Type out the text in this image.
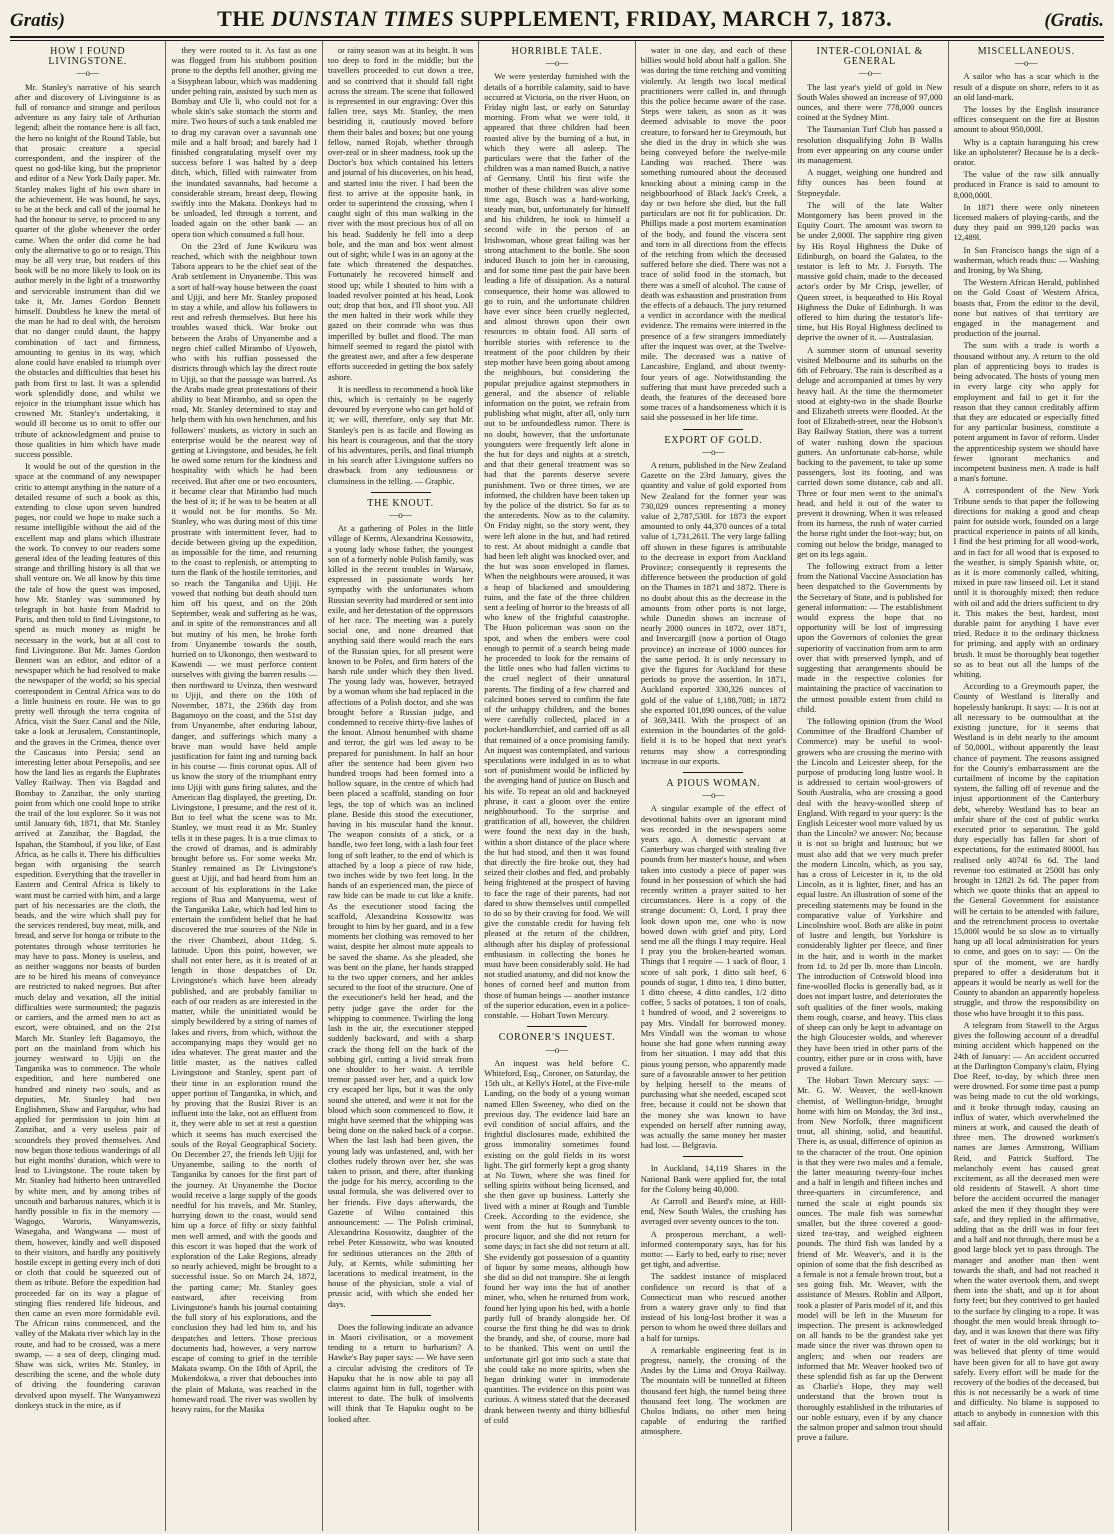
Gratis)	THE DUNSTAN TIMES SUPPLEMENT, FRIDAY, MARCH 7, 1873.	(Gratis.
HOW I FOUND LIVINGSTONE.
—o—

Mr. Stanley's narrative of his search after and discovery of Livingstone is as full of romance and strange and perilous adventure as any fairy tale of Arthurian legend; albeit the romance here is all fact, the hero no knight of the Round Table, but that prosaic creature a special correspondent, and the inspirer of the quest no god-like king, but the proprietor and editor of a New York Daily paper. Mr. Stanley makes light of his own share in the achievement. He was bound, he says, to be at the beck and call of the journal he had the honour to serve, to proceed to any quarter of the globe whenever the order came. When the order did come he had only the alternative to go or to resign. This may be all very true, but readers of this book will be no more likely to look on its author merely in the light of a trustworthy and serviceable instrument than did we take it, Mr. James Gordon Bennett himself. Doubtless he knew the metal of the man he had to deal with, the heroism that no danger could daunt, the happy combination of tact and firmness, amounting to genius in its way, which alone could have enabled to triumph over the obstacles and difficulties that beset his path from first to last. It was a splendid work splendidly done, and whilst we rejoice in the triumphant issue which has crowned Mr. Stanley's undertaking, it would ill become us to omit to offer our tribute of acknowledgment and praise to those qualities in him which have made success possible.

It would be out of the question in the space at the command of any newspaper critic to attempt anything in the nature of a detailed resume of such a book as this, extending to close upon seven hundred pages, nor could we hope to make such a resume intelligible without the aid of the excellent map and plans which illustrate the work. To convey to our readers some general idea of the leading features of this strange and thrilling history is all that we shall venture on. We all know by this time the tale of how the quest was imposed, how Mr. Stanley was summoned by telegraph in hot haste from Madrid to Paris, and then told to find Livingstone, to spend as much money as might be necessary in the work, but at all cost to find Livingstone. But Mr. James Gordon Bennett was an editor, and editor of a newspaper which he had resolved to make the newspaper of the world; so his special correspondent in Central Africa was to do a little business en route. He was to go pretty well through the terra cognita of Africa, visit the Suez Canal and the Nile, take a look at Jerusalem, Constantinople, and the graves in the Crimea, thence over the Caucasus into Persia; send an interesting letter about Persepolis, and see how the land lies as regards the Euphrates Valley Railway. Then via Bagdad and Bombay to Zanzibar, the only starting point from which one could hope to strike the trail of the lost explorer. So it was not until January 6th, 1871, that Mr. Stanley arrived at Zanzibar, the Bagdad, the Ispahan, the Stamboul, if you like, of East Africa, as he calls it. There his difficulties began with organising the search expedition. Everything that the traveller in Eastern and Central Africa is likely to want must be carried with him, and a large part of his necessaries are the cloth, the beads, and the wire which shall pay for the services rendered, buy meat, milk, and bread, and serve for honga or tribute to the potentates through whose territories he may have to pass. Money is useless, and as neither waggons nor beasts of burden are to be hired his means of conveyance are restricted to naked negroes. But after much delay and vexation, all the initial difficulties were surmounted; the pagazis or carriers, and the armed men to act as escort, were obtained, and on the 21st March Mr. Stanley left Bagamoyo, the port on the mainland from which his journey westward to Ujiji on the Tanganika was to commence. The whole expedition, and here numbered one hundred and ninety two souls, and as deputies, Mr. Stanley had two Englishmen, Shaw and Farquhar, who had applied for permission to join him at Zanzibar, and a very useless pair of scoundrels they proved themselves. And now began those tedious wanderings of all but eight months' duration, which were to lead to Livingstone. The route taken by Mr. Stanley had hitherto been untravelled by white men, and by among tribes of uncouth and barbarous natures, which it is hardly possible to fix in the memory — Wagogo, Waroris, Wanyamwezis, Wasegaha, and Wangwana — most of them, however, kindly and well disposed to their visitors, and hardly any positively hostile except in getting every inch of doti or cloth that could be squeezed out of them as tribute. Before the expedition had proceeded far on its way a plague of stinging flies rendered life hideous, and then came an even more formidable evil. The African rains commenced, and the valley of the Makata river which lay in the route, and had to be crossed, was a mere swamp, — a sea of deep, clinging mud. Shaw was sick, writes Mr. Stanley, in describing the scene, and the whole duty of driving the foundering caravan devolved upon myself. The Wanyamwezi donkeys stuck in the mire, as if

they were rooted to it. As fast as one was flogged from his stubborn position prone to the depths fell another, giving me a Sisyphean labour, which was maddening under pelting rain, assisted by such men as Bombay and Ule li, who could not for a whole skin's sake stomach the storm and mire. Two hours of such a task enabled me to drag my caravan over a savannah one mile and a half broad; and barely had I finished congratulating myself over my success before I was halted by a deep ditch, which, filled with rainwater from the inundated savannahs, had become a considerable stream, breast deep, flowing swiftly into the Makata. Donkeys had to be unloaded, led through a torrent, and loaded again on the other bank — an opera tion which consumed a full hour.

On the 23rd of June Kwikuru was reached, which with the neighbour town Tabora appears to be the chief seat of the Arab settlement in Unyanembe. This was a sort of half-way house between the coast and Ujiji, and here Mr. Stanley proposed to stay a while, and allow his followers to rest and refresh themselves. But here his troubles waxed thick. War broke out between the Arabs of Unyanembe and a negro chief called Mirambo of Uyoweh, who with his ruffian possessed the districts through which lay the direct route to Ujiji, so that the passage was barred. As the Arabs made great protestations of their ability to beat Mirambo, and so open the road, Mr. Stanley determined to stay and help them with his own henchmen, and his followers' muskets, as victory in such an enterprise would be the nearest way of getting at Livingstone, and besides, he felt he owed some return for the kindness and hospitality with which he had been received. But after one or two encounters, it became clear that Mirambo had much the best of it; if he was to be beaten at all it would not be for months. So Mr. Stanley, who was during most of this time prostrate with intermittent fever, had to decide between giving up the expedition, as impossible for the time, and returning to the coast to replenish, or attempting to turn the flank of the hostile territories, and so reach the Tanganika and Ujiji. He vowed that nothing but death should turn him off his quest, and on the 20th September, weak and suffering as he was, and in spite of the remonstrances and all but mutiny of his men, he broke forth from Unyanembe towards the south, hurried on to Ukonongo, then westward to Kawendi — we must perforce content ourselves with giving the barren results — then northward to Uvinza, then westward to Ujiji, and there on the 10th of November, 1871, the 236th day from Bagamoyo on the coast, and the 51st day from Unyanembe, after enduring labour, danger, and sufferings which many a brave man would have held ample justification for faint ing and turning back in his course — finis coronat opus. All of us know the story of the triumphant entry into Ujiji with guns firing salutes, and the American flag displayed, the greeting, Dr. Livingstone, I presume, and the rest of it. But to feel what the scene was to Mr. Stanley, we must read it as Mr. Stanley tells it in these pages. It is a true climax to the crowd of dramas, and is admirably brought before us. For some weeks Mr. Stanley remained as Dr Livingstone's guest at Ujiji, and had heard from him an account of his explorations in the Lake regions of Rua and Manyuema, west of the Tanganika Lake, which had led him to entertain the confident belief that he had discovered the true sources of the Nile in the river Chambezi, about 11deg. S. latitude. Upon this point, however, we shall not enter here, as it is treated of at length in those despatches of Dr. Livingstone's which have been already published, and are probably familiar to each of our readers as are interested in the matter, while the uninitiated would be simply bewildered by a string of names of lakes and rivers, from which, without the accompanying maps they would get no idea whatever. The great master and the little master, as the natives called Livingstone and Stanley, spent part of their time in an exploration round the upper portion of Tanganika, in which, and by proving that the Rusizi River is an influent into the lake, not an effluent from it, they were able to set at rest a question which it seems has much exercised the souls of the Royal Geographical Society. On December 27, the friends left Ujiji for Unyanembe, sailing to the north of Tanganika by canoes for the first part of the journey. At Unyanembe the Doctor would receive a large supply of the goods needful for his travels, and Mr. Stanley, hurrying down to the coast, would send him up a force of fifty or sixty faithful men well armed, and with the goods and this escort it was hoped that the work of exploration of the Lake Regions, already so nearly achieved, might be brought to a successful issue. So on March 24, 1872, the parting came; Mr. Stanley goes eastward, after receiving from Livingstone's hands his journal containing the full story of his explorations, and the conclusion they had led him to, and his despatches and letters. Those precious documents had, however, a very narrow escape of coming to grief in the terrible Makata swamp. On the 18th of April, the Mukendokwa, a river that debouches into the plain of Makata, was reached in the homeward road. The river was swollen by heavy rains, for the Masika

or rainy season was at its height. It was too deep to ford in the middle; but the travellers proceeded to cut down a tree, and so contrived that it should fall right across the stream. The scene that followed is represented in our engraving: Over this fallen tree, says Mr. Stanley, the men bestriding it, cautiously moved before them their bales and boxes; but one young fellow, named Rojab, whether through over-zeal or in sheer madness, took up the Doctor's box which contained his letters and journal of his discoveries, on his head, and started into the river. I had been the first to arrive at the opposite bank, in order to superintend the crossing, when I caught sight of this man walking in the river with the most precious box of all on his head. Suddenly he fell into a deep hole, and the man and box went almost out of sight; while I was in an agony at the fate which threatened the despatches. Fortunately he recovered himself and stood up; while I shouted to him with a loaded revolver pointed at his head, Look out; drop that box, and I'll shoot you. All the men halted in their work while they gazed on their comrade who was thus imperilled by bullet and flood. The man himself seemed to regard the pistol with the greatest awe, and after a few desperate efforts succeeded in getting the box safely ashore.

It is needless to recommend a book like this, which is certainly to be eagerly devoured by everyone who can get hold of it; we will, therefore, only say that Mr. Stanley's pen is as facile and flowing as his heart is courageous, and that the story of his adventures, perils, and final triumph in his search after Livingstone suffers no drawback from any tediousness or clumsiness in the telling. — Graphic.

THE KNOUT.
—o—

At a gathering of Poles in the little village of Kernts, Alexandrina Kossowitz, a young lady whose father, the youngest son of a formerly noble Polish family, was killed in the recent troubles in Warsaw, expressed in passionate words her sympathy with the unfortunates whom Russian severity had murdered or sent into exile, and her detestation of the oppressors of her race. The meeting was a purely social one, and none dreamed that anything said there would reach the ears of the Russian spies, for all present were known to be Poles, and firm haters of the harsh rule under which they then lived. The young lady was, however, betrayed by a woman whom she had replaced in the affections of a Polish doctor, and she was brought before a Russian judge, and condemned to receive thirty-five lashes of the knout. Almost benumbed with shame and terror, the girl was led away to be prepared for punishment. In half an hour after the sentence had been given two hundred troops had been formed into a hollow square, in the centre of which had been placed a scaffold, standing on four legs, the top of which was an inclined plane. Beside this stood the executioner, having in his muscular hand the knout. The weapon consists of a stick, or a handle, two feet long, with a lash four feet long of soft leather, to the end of which is attached by a loop a piece of raw hide, two inches wide by two feet long. In the hands of an experienced man, the piece of raw hide can be made to cut like a knife. As the executioner stood facing the scaffold, Alexandrina Kossowitz was brought to him by her guard, and in a few moments her clothing was removed to her waist, despite her almost mute appeals to be saved the shame. As she pleaded, she was bent on the plane, her hands strapped to the two upper corners, and her ankles secured to the foot of the structure. One of the executioner's held her head, and the petty judge gave the order for the whipping to commence. Twirling the long lash in the air, the executioner stepped suddenly backward, and with a sharp crack the thong fell on the back of the sobbing girl, cutting a livid streak from one shoulder to her waist. A terrible tremor passed over her, and a quick low cry escaped her lips, but it was the only sound she uttered, and were it not for the blood which soon commenced to flow, it might have seemed that the whipping was being done on the naked back of a corpse. When the last lash had been given, the young lady was unfastened, and, with her clothes rudely thrown over her, she was taken to prison, and there, after thanking the judge for his mercy, according to the usual formula, she was delivered over to her friends. Five days afterwards, the Gazette of Wilno contained this announcement: — The Polish criminal, Alexandrina Kossowitz, daughter of the rebel Peter Kossowitz, who was knouted for seditious utterances on the 28th of July, at Kernts, while submitting her lacerations to medical treatment, in the house of the physician, stole a vial of prussic acid, with which she ended her days.

Does the following indicate an advance in Maori civilisation, or a movement tending to a return to barbarism? A Hawke's Bay paper says: — We have seen a circular advising the creditors of Te Hapuku that he is now able to pay all claims against him in full, together with interest to date. The bulk of insolvents will think that Te Hapuku ought to be looked after.

HORRIBLE TALE.
—o—

We were yesterday furnished with the details of a horrible calamity, said to have occurred at Victoria, on the river Huon, on Friday night last, or early on Saturday morning. From what we were told, it appeared that three children had been roasted alive by the burning of a hut, in which they were all asleep. The particulars were that the father of the children was a man named Busch, a native of Germany. Until his first wife the mother of these children was alive some time ago, Busch was a hard-working, steady man, but, unfortunately for himself and his children, he took to himself a second wife in the person of an Irishwoman, whose great failing was her strong attachment to the bottle. She soon induced Busch to join her in carousing, and for some time past the pair have been leading a life of dissipation. As a natural consequence, their home was allowed to go to ruin, and the unfortunate children have ever since been cruelly neglected, and almost thrown upon their own resources to obtain food. All sorts of horrible stories with reference to the treatment of the poor children by their step mother have been going about among the neighbours, but considering the popular prejudice against stepmothers in general, and the absence of reliable information on the point, we refrain from publishing what might, after all, only turn out to be unfoundedless rumor. There is no doubt, however, that the unfortunate youngsters were frequently left alone in the hut for days and nights at a stretch, and that their general treatment was so bad that the parents deserve severe punishment. Two or three times, we are informed, the children have been taken up by the police of the district. So far as to the antecedents. Now as to the calamity. On Friday night, so the story went, they were left alone in the hut, and had retired to rest. At about midnight a candle that had been left alight was knocked over, and the hut was soon enveloped in flames. When the neighbours were aroused, it was a heap of blackened and smouldering ruins, and the fate of the three children sent a feeling of horror to the breasts of all who knew of the frightful catastrophe. The Huon policeman was soon on the spot, and when the embers were cool enough to permit of a search being made he proceeded to look for the remains of the little ones who had fallen victims to the cruel neglect of their unnatural parents. The finding of a few charred and calcined bones served to confirm the fate of the unhappy children, and the bones were carefully collected, placed in a pocket-handkerchief, and carried off as all that remained of a once promising family. An inquest was contemplated, and various speculations were indulged in as to what sort of punishment would be inflicted by the avenging hand of justice on Busch and his wife. To repeat an old and hackneyed phrase, it cast a gloom over the entire neighbourhood. To the surprise and gratification of all, however, the children were found the next day in the bush, within a short distance of the place where the hut had stood, and then it was found that directly the fire broke out, they had seized their clothes and fled, and probably being frightened at the prospect of having to face the rage of their parents, had not dared to show themselves until compelled to do so by their craving for food. We will give the constable credit for having felt pleased at the return of the children, although after his display of professional enthusiasm in collecting the bones he must have been considerably sold. He had not studied anatomy, and did not know the bones of corned beef and mutton from those of human beings — another instance of the superior education, even in a police-constable. — Hobart Town Mercury.

CORONER'S INQUEST.
—o—

An inquest was held before C. Whiteford, Esq., Coroner, on Saturday, the 15th ult., at Kelly's Hotel, at the Five-mile Landing, on the body of a young woman named Ellen Sweeney, who died on the previous day. The evidence laid bare an evil condition of social affairs, and the frightful disclosures made, exhibited the gross immorality sometimes found existing on the gold fields in its worst light. The girl formerly kept a grog shanty at No Town, where she was fined for selling spirits without being licensed, and she then gave up business. Latterly she lived with a miner at Rough and Tumble Creek. According to the evidence, she went from the hut to Sunnybank to procure liquor, and she did not return for some days; in fact she did not return at all. She evidently got possession of a quantity of liquor by some means, although how she did so did not transpire. She at length found her way into the hut of another miner, who, when he returned from work, found her lying upon his bed, with a bottle partly full of brandy alongside her. Of course the first thing he did was to drink the brandy, and she, of course, more had to be thanked. This went on until the unfortunate girl got into such a state that she could take no more spirits, when she began drinking water in immoderate quantities. The evidence on this point was curious. A witness stated that the deceased drank between twenty and thirty billiesful of cold

water in one day, and each of these billies would hold about half a gallon. She was during the time retching and vomiting violently. At length two local medical practitioners were called in, and through this the police became aware of the case. Steps were taken, as soon as it was deemed advisable to move the poor creature, to forward her to Greymouth, but she died in the dray in which she was being conveyed before the twelve-mile Landing was reached. There was something rumoured about the deceased knocking about a mining camp in the neighbourhood of Black Jack's Creek, a day or two before she died, but the full particulars are not fit for publication. Dr. Phillips made a post mortem examination of the body, and found the viscera sent and torn in all directions from the effects of the retching from which the deceased suffered before she died. There was not a trace of solid food in the stomach, but there was a smell of alcohol. The cause of death was exhaustion and prostration from the effects of a debauch. The jury returned a verdict in accordance with the medical evidence. The remains were interred in the presence of a few strangers immediately after the inquest was over, at the Twelve-mile. The deceased was a native of Lancashire, England, and about twenty-four years of age. Notwithstanding the suffering that must have preceded such a death, the features of the deceased bore some traces of a handsomeness which it is said she possessed in her life time.

EXPORT OF GOLD.
—o—

A return, published in the New Zealand Gazette on the 23rd January, gives the quantity and value of gold exported from New Zealand for the former year was 730,029 ounces representing a money value of 2,787,530l. for 1873 the export amounted to only 44,370 ounces of a total value of 1,731,261l. The very large falling off shown in these figures is attributable to the decrease in export from Auckland Province; consequently it represents the difference between the production of gold on the Thames in 1871 and 1872. There is no doubt about this as the decrease in the amounts from other ports is not large, while Dunedin shows an increase of nearly 2000 ounces in 1872, over 1871, and Invercargill (now a portion of Otago province) an increase of 1000 ounces for the same period. It is only necessary to give the figures for Auckland for these periods to prove the assertion. In 1871, Auckland exported 330,326 ounces of gold of the value of 1,188,708l; in 1872 she exported 101,890 ounces, of the value of 369,341l. With the prospect of an extension in the boundaries of the gold-field it is to be hoped that next year's returns may show a corresponding increase in our exports.

A PIOUS WOMAN.
—o—

A singular example of the effect of devotional habits over an ignorant mind was recorded in the newspapers some years ago. A domestic servant at Canterbury was charged with stealing five pounds from her master's house, and when taken into custody a piece of paper was found in her possession of which she had recently written a prayer suited to her circumstances. Here is a copy of the strange document: O, Lord, I pray thee look down upon me, one who is now bowed down with grief and pity, Lord send me all the things I may require. Heal I pray you the broken-hearted woman. Things that I require — 1 sack of flour, 1 score of salt pork, 1 ditto salt beef, 6 pounds of sugar, 1 ditto tea, 1 ditto butter, 1 ditto cheese, 4 ditto candles, 1/2 ditto coffee, 5 sacks of potatoes, 1 ton of coals, 1 hundred of wood, and 2 sovereigns to pay Mrs. Vindall for borrowed money. Mrs Vindall was the woman to whose house she had gone when running away from her situation. I may add that this pious young person, who apparently made sure of a favourable answer to her petition by helping herself to the means of purchasing what she needed, escaped scot free, because it could not be shown that the money she was known to have expended on herself after running away, was actually the same money her master had lost. — Belgravia.

In Auckland, 14,119 Shares in the National Bank were applied for, the total for the Colony being 40,000.

At Carroll and Beard's mine, at Hill-end, New South Wales, the crushing has averaged over seventy ounces to the ton.

A prosperous merchant, a well-informed contemporary says, has for his motto: — Early to bed, early to rise; never get tight, and advertise.

The saddest instance of misplaced confidence on record is that of a Connecticut man who rescued another from a watery grave only to find that instead of his long-lost brother it was a person to whom he owed three dollars and a half for turnips.

A remarkable engineering feat is in progress, namely, the crossing of the Andes by the Lima and Oroya Railway. The mountain will be tunnelled at fifteen thousand feet high, the tunnel being three thousand feet long. The workmen are Cholos Indians, no other men being capable of enduring the rarified atmosphere.

INTER-COLONIAL & GENERAL
—o—

The last year's yield of gold in New South Wales showed an increase of 97,000 ounces, and there were 778,000 ounces coined at the Sydney Mint.

The Tasmanian Turf Club has passed a resolution disqualifying John B Wallis from ever appearing on any course under its management.

A nugget, weighing one hundred and fifty ounces has been found at Stepneydale.

The will of the late Walter Montgomery has been proved in the Equity Court. The amount was sworn to be under 2,000l. The sapphire ring given by His Royal Highness the Duke of Edinburgh, on board the Galatea, to the testator is left to Mr. J. Forsyth. The massive gold chain, made to the deceased actor's order by Mr Crisp, jeweller, of Queen street, is bequeathed to His Royal Highness the Duke of Edinburgh. It was offered to him during the testator's life-time, but His Royal Highness declined to deprive the owner of it. — Australasian.

A summer storm of unusual severity visited Melbourne and its suburbs on the 6th of February. The rain is described as a deluge and accompanied at times by very heavy hail. At the time the thermometer stood at eighty-two in the shade Bourke and Elizabeth streets were flooded. At the foot of Elizabeth-street, near the Hobson's Bay Railway Station, there was a torrent of water rushing down the spacious gutters. An unfortunate cab-horse, while backing to the pavement, to take up some passengers, lost its footing, and was carried down some distance, cab and all. Three or four men went to the animal's head, and held it out of the water to prevent it drowning. When it was released from its harness, the rush of water carried the horse right under the foot-way; but, on coming out below the bridge, managed to get on its legs again.

The following extract from a letter from the National Vaccine Association has been despatched to the Governments by the Secretary of State, and is published for general information: — The establishment would express the hope that no opportunity will be lost of impressing upon the Governors of colonies the great superiority of vaccination from arm to arm over that with preserved lymph, and of suggesting that arrangements should be made in the respective colonies for maintaining the practice of vaccination to the utmost possible extent from child to child.

The following opinion (from the Wool Committee of the Bradford Chamber of Commerce) may be useful to wool-growers who are crossing the merino with the Lincoln and Leicester sheep, for the purpose of producing long lustre wool. It is addressed to certain wool-growers of South Australia, who are crossing a good deal with the heavy-woolled sheep of England. With regard to your query: Is the English Leicester wool more valued by us than the Lincoln? we answer: No; because it is not so bright and lustrous; but we must also add that we very much prefer the modern Lincoln, which, as you say, has a cross of Leicester in it, to the old Lincoln, as it is lighter, finer, and has an equal lustre. An illustration of some of the preceding statements may be found in the comparative value of Yorkshire and Lincolnshire wool. Both are alike in point of lustre and length, but Yorkshire is considerably lighter per fleece, and finer in the hair, and is worth in the market from 1d. to 2d per lb. more than Lincoln. The introduction of Cotswold blood into fine-woolled flocks is generally bad, as it does not impart lustre, and deteriorates the soft qualities of the finer wools, making them rough, coarse, and heavy. This class of sheep can only be kept to advantage on the high Gloucester wolds, and wherever they have been tried in other parts of the country, either pure or in cross with, have proved a failure.

The Hobart Town Mercury says: — Mr. G. W. Weaver, the well-known chemist, of Wellington-bridge, brought home with him on Monday, the 3rd inst., from New Norfolk, three magnificent trout, all shining, solid, and beautiful. There is, as usual, difference of opinion as to the character of the trout. One opinion is that they were two males and a female, the latter measuring twenty-four inches and a half in length and fifteen inches and three-quarters in circumference, and turned the scale at eight pounds six ounces. The male fish was somewhat smaller, but the three covered a good-sized tea-tray, and weighed eighteen pounds. The third fish was landed by a friend of Mr. Weaver's, and it is the opinion of some that the fish described as a female is not a female brown trout, but a sea going fish. Mr. Weaver, with the assistance of Messrs. Roblin and Allport, took a plaster of Paris model of it, and this model will be left in the Museum for inspection. The present is acknowledged on all hands to be the grandest take yet made since the river was thrown open to anglers; and when our readers are informed that Mr. Weaver hooked two of these splendid fish as far up the Derwent as Charlie's Hope, they may well understand that the brown trout is thoroughly established in the tributaries of our noble estuary, even if by any chance the salmon proper and salmon trout should prove a failure.

MISCELLANEOUS.
—o—

A sailor who has a scar which is the result of a dispute on shore, refers to it as an old land-mark.

The losses by the English insurance offices consequent on the fire at Boston amount to about 950,000l.

Why is a captain haranguing his crew like an upholsterer? Because he is a deck-orator.

The value of the raw silk annually produced in France is said to amount to 8,000,000l.

In 1871 there were only nineteen licensed makers of playing-cards, and the duty they paid on 999,120 packs was 12,489l.

In San Francisco hangs the sign of a washerman, which reads thus: — Washing and Ironing, by Wa Shing.

The Western African Herald, published on the Gold Coast of Western Africa, boasts that, From the editor to the devil, none but natives of that territory are engaged in the management and production of the journal.

The sum with a trade is worth a thousand without any. A return to the old plan of apprenticing boys to trades is being advocated. The hosts of young men in every large city who apply for employment and fail to get it for the reason that they cannot creditably affirm that they are educated or especially fitted for any particular business, constitute a potent argument in favor of reform. Under the apprenticeship system we should have fewer ignorant mechanics and incompetent business men. A trade is half a man's fortune.

A correspondent of the New York Tribune sends to that paper the following directions for making a good and cheap paint for outside work, founded on a large practical experience in paints of all kinds, I find the best priming for all wood-work, and in fact for all wood that is exposed to the weather, is simply Spanish white, or, as it is more commonly called, whiting, mixed in pure raw linseed oil. Let it stand until it is thoroughly mixed; then reduce with oil and add the driers sufficient to dry it. This makes the best, hardest, most durable paint for anything I have ever tried. Reduce it to the ordinary thickness for priming, and apply with an ordinary brush. It must be thoroughly beat together so as to beat out all the lumps of the whiting.

According to a Greymouth paper, the County of Westland is literally and hopelessly bankrupt. It says: — It is not at all necessary to be outmoulthat at the existing juncture, for it seems that Westland is in debt nearly to the amount of 50,000l., without apparently the least chance of payment. The reasons assigned for the County's embarrassment are the curtailment of income by the capitation system, the falling off of revenue and the injust apportionment of the Canterbury debt, whereby Westland has to bear an unfair share of the cost of public works executed prior to separation. The gold duty especially has fallen far short of expectations, for the estimated 8000l. has realised only 4074l 6s 6d. The land revenue too estimated at 2500l has only brought in 1282l 2s 6d. The paper from which we quote thinks that an appeal to the General Government for assistance will be certain to be attended with failure, and the retrenchment process to overtake 15,000l would be so slow as to virtually hang up all local administration for years to come, and goes on to say: — On the spur of the moment, we are hardly prepared to offer a desideratum but it appears it would be nearly as well for the County to abandon an apparently hopeless struggle, and throw the responsibility on those who have brought it to this pass.

A telegram from Stawell to the Argus gives the following account of a dreadful mining accident which happened on the 24th of January: — An accident occurred at the Darlington Company's claim, Flying Doe Reef, to-day, by which three men were drowned. For some time past a pump was being made to cut the old workings, and it broke through today, causing an influx of water, which overwhelmed the miners at work, and caused the death of three men. The drowned workmen's names are James Armstrong, William Reid, and Patrick Stafford. The melancholy event has caused great excitement, as all the deceased men were old residents of Stawell. A short time before the accident occurred the manager asked the men if they thought they were safe, and they replied in the affirmative, adding that as the drill was in four feet and a half and not through, there must be a good large block yet to pass through. The manager and another man then went towards the shaft, and had not reached it when the water overtook them, and swept them into the shaft, and up it for about forty feet; but they contrived to get hauled to the surface by clinging to a rope. It was thought the men would break through to-day, and it was known that there was fifty feet of water in the old workings; but it was believed that plenty of time would have been given for all to have got away safely. Every effort will be made for the recovery of the bodies of the deceased, but this is not necessarily be a work of time and difficulty. No blame is supposed to attach to anybody in connexion with this sad affair.
